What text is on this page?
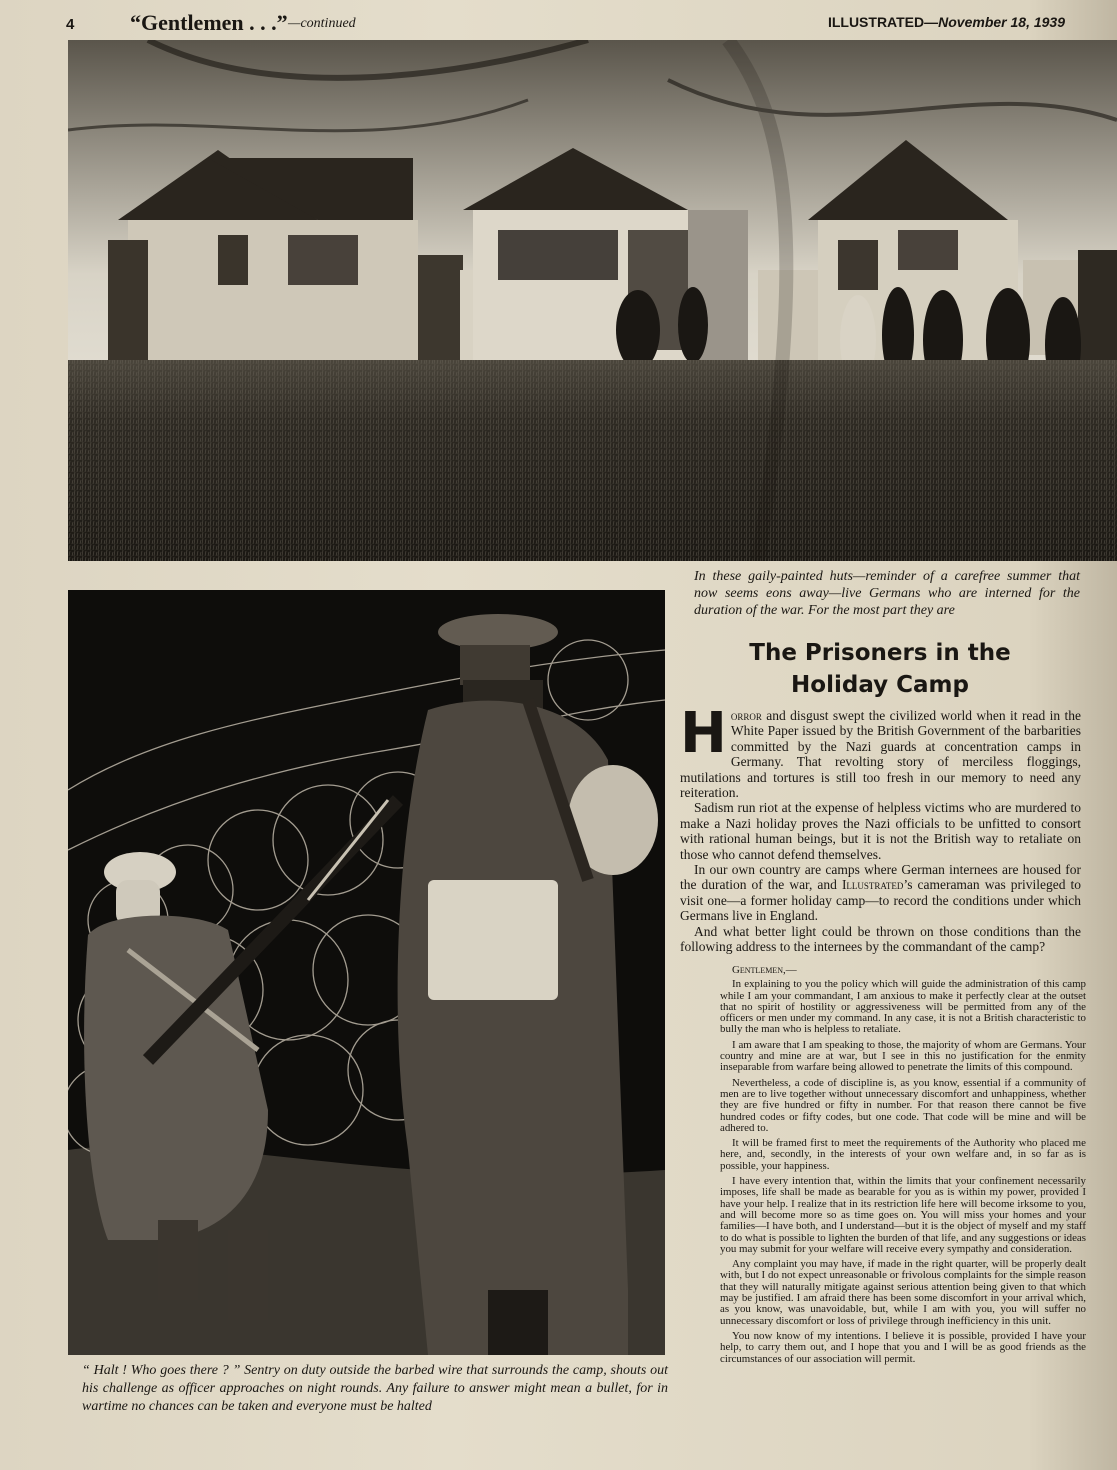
4	“Gentlemen . . .” —continued	ILLUSTRATED—November 18, 1939
In these gaily-painted huts—reminder of a carefree summer that now seems eons away—live Germans who are interned for the duration of the war. For the most part they are
The Prisoners in the
Holiday Camp

Horror and disgust swept the civilized world when it read in the White Paper issued by the British Government of the barbarities committed by the Nazi guards at concentration camps in Germany. That revolting story of merciless floggings, mutilations and tortures is still too fresh in our memory to need any reiteration.

Sadism run riot at the expense of helpless victims who are murdered to make a Nazi holiday proves the Nazi officials to be unfitted to consort with rational human beings, but it is not the British way to retaliate on those who cannot defend themselves.

In our own country are camps where German internees are housed for the duration of the war, and Illustrated’s cameraman was privileged to visit one—a former holiday camp—to record the conditions under which Germans live in England.

And what better light could be thrown on those conditions than the following address to the internees by the commandant of the camp?

Gentlemen,—

In explaining to you the policy which will guide the administration of this camp while I am your commandant, I am anxious to make it perfectly clear at the outset that no spirit of hostility or aggressiveness will be permitted from any of the officers or men under my command. In any case, it is not a British characteristic to bully the man who is helpless to retaliate.

I am aware that I am speaking to those, the majority of whom are Germans. Your country and mine are at war, but I see in this no justification for the enmity inseparable from warfare being allowed to penetrate the limits of this compound.

Nevertheless, a code of discipline is, as you know, essential if a community of men are to live together without unnecessary discomfort and unhappiness, whether they are five hundred or fifty in number. For that reason there cannot be five hundred codes or fifty codes, but one code. That code will be mine and will be adhered to.

It will be framed first to meet the requirements of the Authority who placed me here, and, secondly, in the interests of your own welfare and, in so far as is possible, your happiness.

I have every intention that, within the limits that your confinement necessarily imposes, life shall be made as bearable for you as is within my power, provided I have your help. I realize that in its restriction life here will become irksome to you, and will become more so as time goes on. You will miss your homes and your families—I have both, and I understand—but it is the object of myself and my staff to do what is possible to lighten the burden of that life, and any suggestions or ideas you may submit for your welfare will receive every sympathy and consideration.

Any complaint you may have, if made in the right quarter, will be properly dealt with, but I do not expect unreasonable or frivolous complaints for the simple reason that they will naturally mitigate against serious attention being given to that which may be justified. I am afraid there has been some discomfort in your arrival which, as you know, was unavoidable, but, while I am with you, you will suffer no unnecessary discomfort or loss of privilege through inefficiency in this unit.

You now know of my intentions. I believe it is possible, provided I have your help, to carry them out, and I hope that you and I will be as good friends as the circumstances of our association will permit.

“ Halt ! Who goes there ? ” Sentry on duty outside the barbed wire that surrounds the camp, shouts out his challenge as officer approaches on night rounds. Any failure to answer might mean a bullet, for in wartime no chances can be taken and everyone must be halted
